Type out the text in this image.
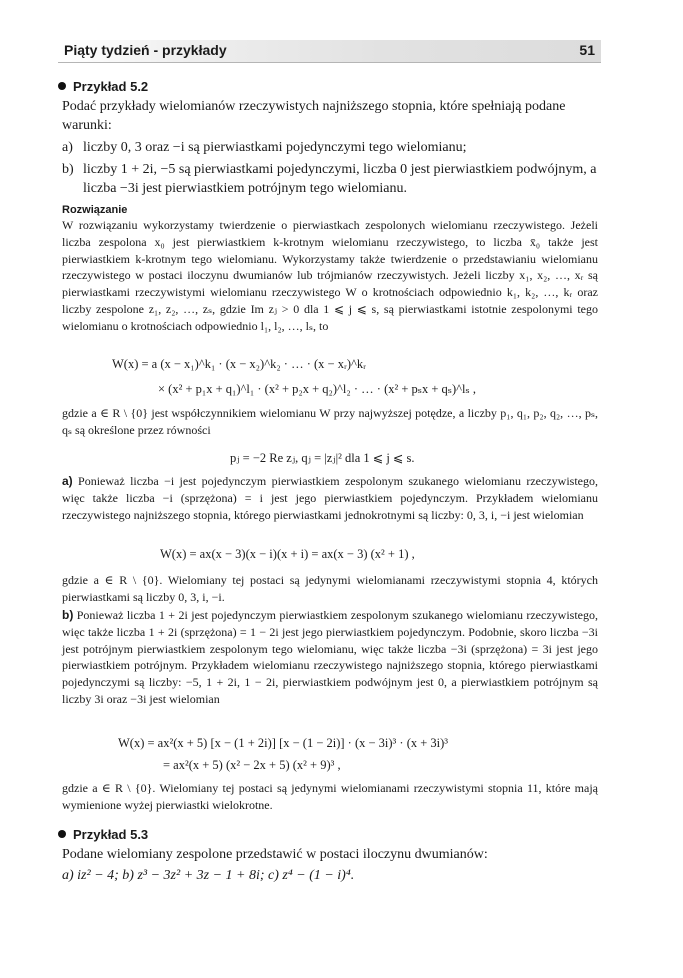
Piąty tydzień - przykłady	51
Przykład 5.2
Podać przykłady wielomianów rzeczywistych najniższego stopnia, które spełniają podane warunki:
a) liczby 0, 3 oraz −i są pierwiastkami pojedynczymi tego wielomianu;
b) liczby 1 + 2i, −5 są pierwiastkami pojedynczymi, liczba 0 jest pierwiastkiem podwójnym, a liczba −3i jest pierwiastkiem potrójnym tego wielomianu.
Rozwiązanie
W rozwiązaniu wykorzystamy twierdzenie o pierwiastkach zespolonych wielomianu rzeczywistego. Jeżeli liczba zespolona x₀ jest pierwiastkiem k-krotnym wielomianu rzeczywistego, to liczba x̄₀ także jest pierwiastkiem k-krotnym tego wielomianu. Wykorzystamy także twierdzenie o przedstawianiu wielomianu rzeczywistego w postaci iloczynu dwumianów lub trójmianów rzeczywistych. Jeżeli liczby x₁, x₂, …, xᵣ są pierwiastkami rzeczywistymi wielomianu rzeczywistego W o krotnościach odpowiednio k₁, k₂, …, kᵣ oraz liczby zespolone z₁, z₂, …, zₛ, gdzie Im zⱼ > 0 dla 1 ⩽ j ⩽ s, są pierwiastkami istotnie zespolonymi tego wielomianu o krotnościach odpowiednio l₁, l₂, …, lₛ, to
W(x) = a (x − x₁)^k₁ · (x − x₂)^k₂ · … · (x − xᵣ)^kᵣ
× (x² + p₁x + q₁)^l₁ · (x² + p₂x + q₂)^l₂ · … · (x² + pₛx + qₛ)^lₛ ,
gdzie a ∈ R \ {0} jest współczynnikiem wielomianu W przy najwyższej potędze, a liczby p₁, q₁, p₂, q₂, …, pₛ, qₛ są określone przez równości
pⱼ = −2 Re zⱼ, qⱼ = |zⱼ|² dla 1 ⩽ j ⩽ s.
a) Ponieważ liczba −i jest pojedynczym pierwiastkiem zespolonym szukanego wielomianu rzeczywistego, więc także liczba −i (sprzężona) = i jest jego pierwiastkiem pojedynczym. Przykładem wielomianu rzeczywistego najniższego stopnia, którego pierwiastkami jednokrotnymi są liczby: 0, 3, i, −i jest wielomian
W(x) = ax(x − 3)(x − i)(x + i) = ax(x − 3) (x² + 1) ,
gdzie a ∈ R \ {0}. Wielomiany tej postaci są jedynymi wielomianami rzeczywistymi stopnia 4, których pierwiastkami są liczby 0, 3, i, −i.
b) Ponieważ liczba 1 + 2i jest pojedynczym pierwiastkiem zespolonym szukanego wielomianu rzeczywistego, więc także liczba 1 + 2i (sprzężona) = 1 − 2i jest jego pierwiastkiem pojedynczym. Podobnie, skoro liczba −3i jest potrójnym pierwiastkiem zespolonym tego wielomianu, więc także liczba −3i (sprzężona) = 3i jest jego pierwiastkiem potrójnym. Przykładem wielomianu rzeczywistego najniższego stopnia, którego pierwiastkami pojedynczymi są liczby: −5, 1 + 2i, 1 − 2i, pierwiastkiem podwójnym jest 0, a pierwiastkiem potrójnym są liczby 3i oraz −3i jest wielomian
W(x) = ax²(x + 5) [x − (1 + 2i)] [x − (1 − 2i)] · (x − 3i)³ · (x + 3i)³
= ax²(x + 5) (x² − 2x + 5) (x² + 9)³ ,
gdzie a ∈ R \ {0}. Wielomiany tej postaci są jedynymi wielomianami rzeczywistymi stopnia 11, które mają wymienione wyżej pierwiastki wielokrotne.
Przykład 5.3
Podane wielomiany zespolone przedstawić w postaci iloczynu dwumianów:
a) iz² − 4; b) z³ − 3z² + 3z − 1 + 8i; c) z⁴ − (1 − i)⁴.
